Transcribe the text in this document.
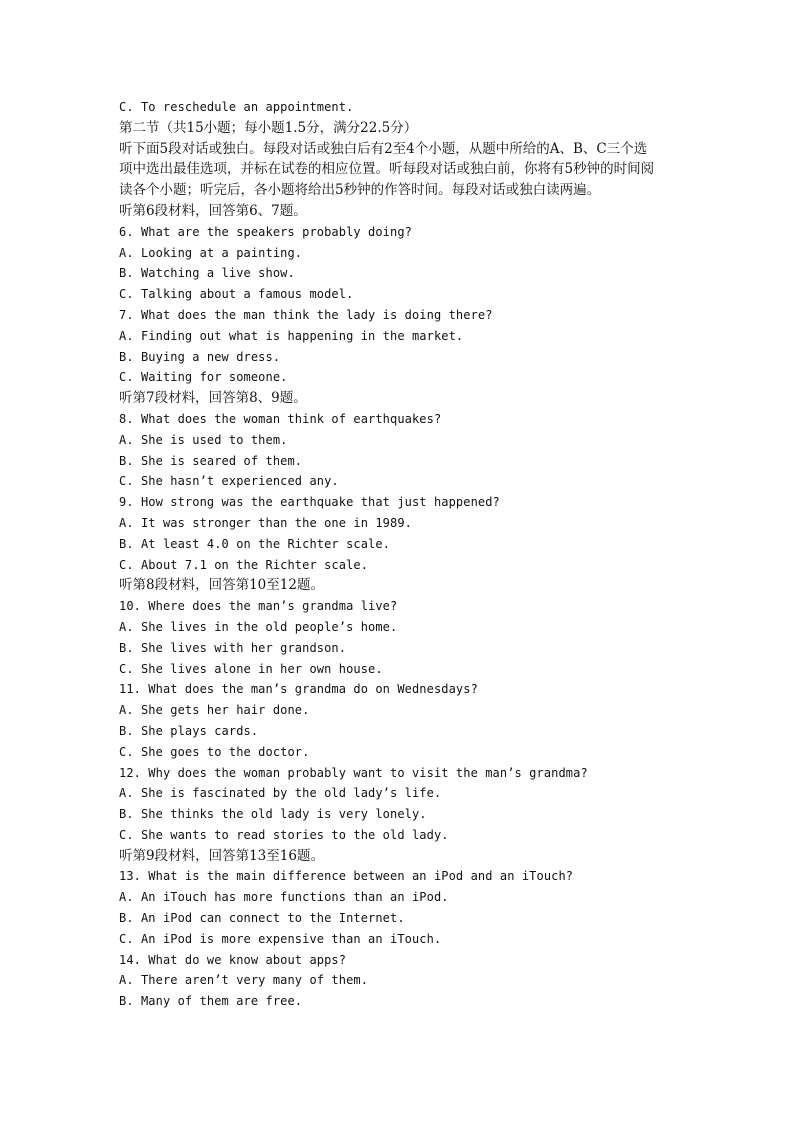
C. To reschedule an appointment.
第二节（共15小题；每小题1.5分，满分22.5分）
听下面5段对话或独白。每段对话或独白后有2至4个小题，从题中所给的A、B、C三个选
项中选出最佳选项，并标在试卷的相应位置。听每段对话或独白前，你将有5秒钟的时间阅
读各个小题；听完后，各小题将给出5秒钟的作答时间。每段对话或独白读两遍。
听第6段材料，回答第6、7题。
6. What are the speakers probably doing?
A. Looking at a painting.
B. Watching a live show.
C. Talking about a famous model.
7. What does the man think the lady is doing there?
A. Finding out what is happening in the market.
B. Buying a new dress.
C. Waiting for someone.
听第7段材料，回答第8、9题。
8. What does the woman think of earthquakes?
A. She is used to them.
B. She is seared of them.
C. She hasn’t experienced any.
9. How strong was the earthquake that just happened?
A. It was stronger than the one in 1989.
B. At least 4.0 on the Richter scale.
C. About 7.1 on the Richter scale.
听第8段材料，回答第10至12题。
10. Where does the man’s grandma live?
A. She lives in the old people’s home.
B. She lives with her grandson.
C. She lives alone in her own house.
11. What does the man’s grandma do on Wednesdays?
A. She gets her hair done.
B. She plays cards.
C. She goes to the doctor.
12. Why does the woman probably want to visit the man’s grandma?
A. She is fascinated by the old lady’s life.
B. She thinks the old lady is very lonely.
C. She wants to read stories to the old lady.
听第9段材料，回答第13至16题。
13. What is the main difference between an iPod and an iTouch?
A. An iTouch has more functions than an iPod.
B. An iPod can connect to the Internet.
C. An iPod is more expensive than an iTouch.
14. What do we know about apps?
A. There aren’t very many of them.
B. Many of them are free.
